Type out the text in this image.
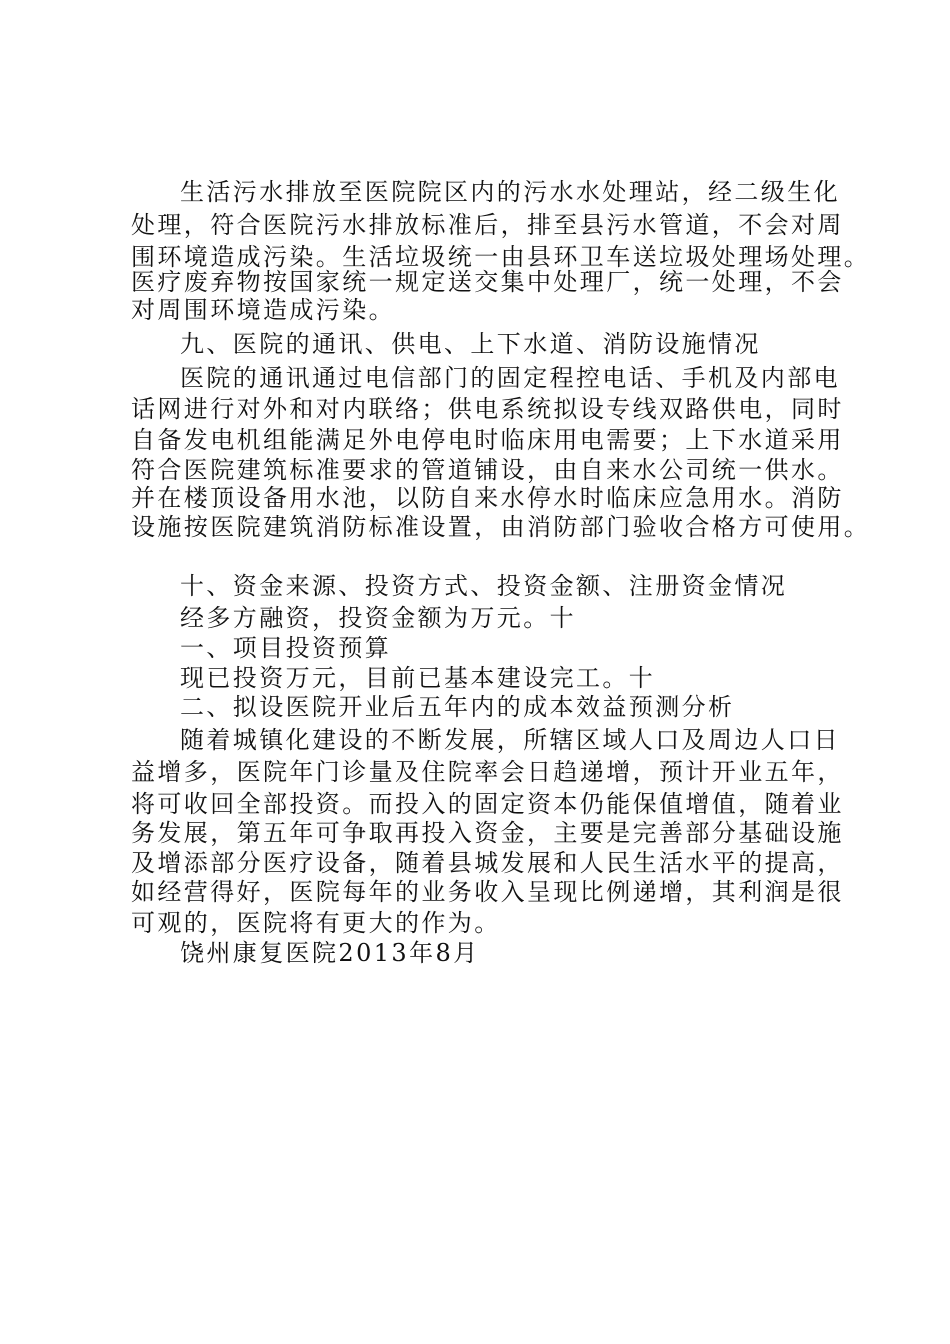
生活污水排放至医院院区内的污水水处理站，经二级生化
处理，符合医院污水排放标准后，排至县污水管道，不会对周
围环境造成污染。生活垃圾统一由县环卫车送垃圾处理场处理。
医疗废弃物按国家统一规定送交集中处理厂，统一处理，不会
对周围环境造成污染。
九、医院的通讯、供电、上下水道、消防设施情况
医院的通讯通过电信部门的固定程控电话、手机及内部电
话网进行对外和对内联络；供电系统拟设专线双路供电，同时
自备发电机组能满足外电停电时临床用电需要；上下水道采用
符合医院建筑标准要求的管道铺设，由自来水公司统一供水。
并在楼顶设备用水池，以防自来水停水时临床应急用水。消防
设施按医院建筑消防标准设置，由消防部门验收合格方可使用。
十、资金来源、投资方式、投资金额、注册资金情况
经多方融资，投资金额为万元。十
一、项目投资预算
现已投资万元，目前已基本建设完工。十
二、拟设医院开业后五年内的成本效益预测分析
随着城镇化建设的不断发展，所辖区域人口及周边人口日
益增多，医院年门诊量及住院率会日趋递增，预计开业五年，
将可收回全部投资。而投入的固定资本仍能保值增值，随着业
务发展，第五年可争取再投入资金，主要是完善部分基础设施
及增添部分医疗设备，随着县城发展和人民生活水平的提高，
如经营得好，医院每年的业务收入呈现比例递增，其利润是很
可观的，医院将有更大的作为。
饶州康复医院2013年8月
